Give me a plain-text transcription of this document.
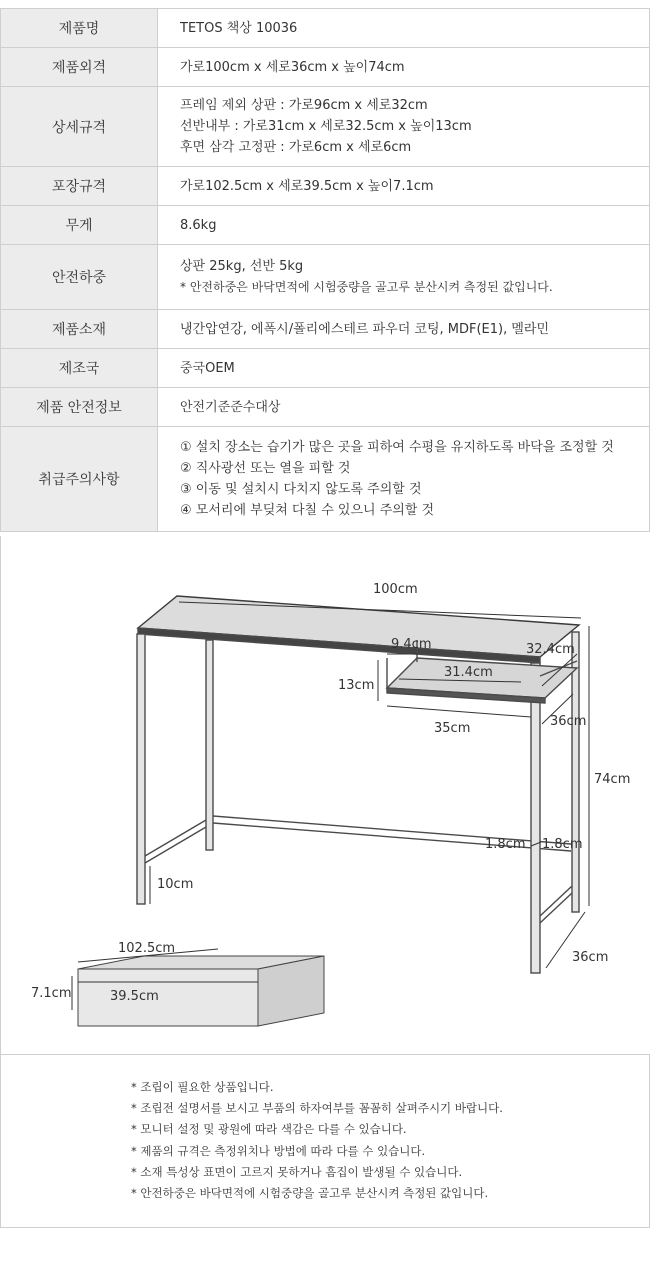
제품명	TETOS 책상 10036

제품외격	가로100cm x 세로36cm x 높이74cm

상세규격	프레임 제외 상판 : 가로96cm x 세로32cm
선반내부 : 가로31cm x 세로32.5cm x 높이13cm
후면 삼각 고정판 : 가로6cm x 세로6cm

포장규격	가로102.5cm x 세로39.5cm x 높이7.1cm

무게	8.6kg

안전하중	상판 25kg, 선반 5kg
* 안전하중은 바닥면적에 시험중량을 골고루 분산시켜 측정된 값입니다.

제품소재	냉간압연강, 에폭시/폴리에스테르 파우더 코팅, MDF(E1), 멜라민

제조국	중국OEM

제품 안전정보	안전기준준수대상

취급주의사항	① 설치 장소는 습기가 많은 곳을 피하여 수평을 유지하도록 바닥을 조정할 것
② 직사광선 또는 열을 피할 것
③ 이동 및 설치시 다치지 않도록 주의할 것
④ 모서리에 부딪쳐 다칠 수 있으니 주의할 것
100cm
9.4cm	32.4cm
31.4cm
13cm
35cm	36cm
74cm
1.8cm 1.8cm
10cm
36cm
102.5cm
39.5cm
7.1cm
* 조립이 필요한 상품입니다.
* 조립전 설명서를 보시고 부품의 하자여부를 꼼꼼히 살펴주시기 바랍니다.
* 모니터 설정 및 광원에 따라 색감은 다를 수 있습니다.
* 제품의 규격은 측정위치나 방법에 따라 다를 수 있습니다.
* 소재 특성상 표면이 고르지 못하거나 흠집이 발생될 수 있습니다.
* 안전하중은 바닥면적에 시험중량을 골고루 분산시켜 측정된 값입니다.
